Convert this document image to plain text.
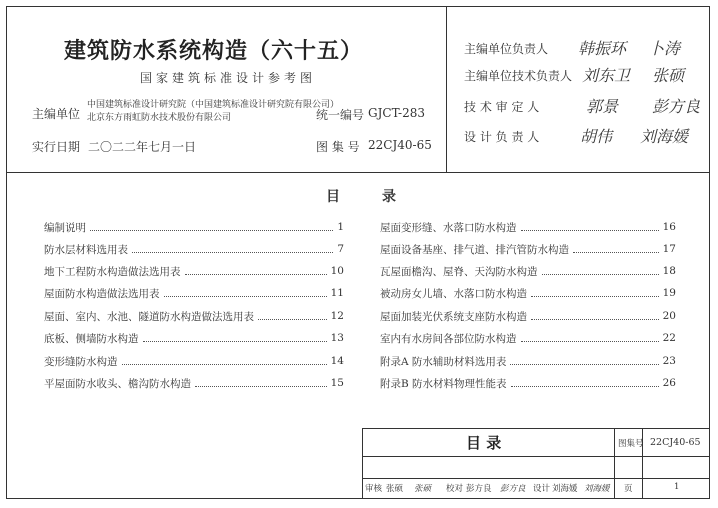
建筑防水系统构造（六十五）
国家建筑标准设计参考图
主编单位
中国建筑标准设计研究院（中国建筑标准设计研究院有限公司）
北京东方雨虹防水技术股份有限公司	统一编号 GJCT-283
实行日期 二〇二二年七月一日	图 集 号 22CJ40-65
主编单位负责人 韩振环 卜涛
主编单位技术负责人 刘东卫 张硕
技 术 审 定 人	郭景 彭方良
设 计 负 责 人	胡伟 刘海媛
目	录
编制说明	1
防水层材料选用表	7
地下工程防水构造做法选用表	10
屋面防水构造做法选用表	11
屋面、室内、水池、隧道防水构造做法选用表	12
底板、侧墙防水构造	13
变形缝防水构造	14
平屋面防水收头、檐沟防水构造	15
屋面变形缝、水落口防水构造	16
屋面设备基座、排气道、排汽管防水构造	17
瓦屋面檐沟、屋脊、天沟防水构造	18
被动房女儿墙、水落口防水构造	19
屋面加装光伏系统支座防水构造	20
室内有水房间各部位防水构造	22
附录A 防水辅助材料选用表	23
附录B 防水材料物理性能表	26
目 录	图集号 22CJ40-65
审核 张硕 张硕 校对 彭方良 彭方良 设计 刘海媛 刘海媛 页	1
